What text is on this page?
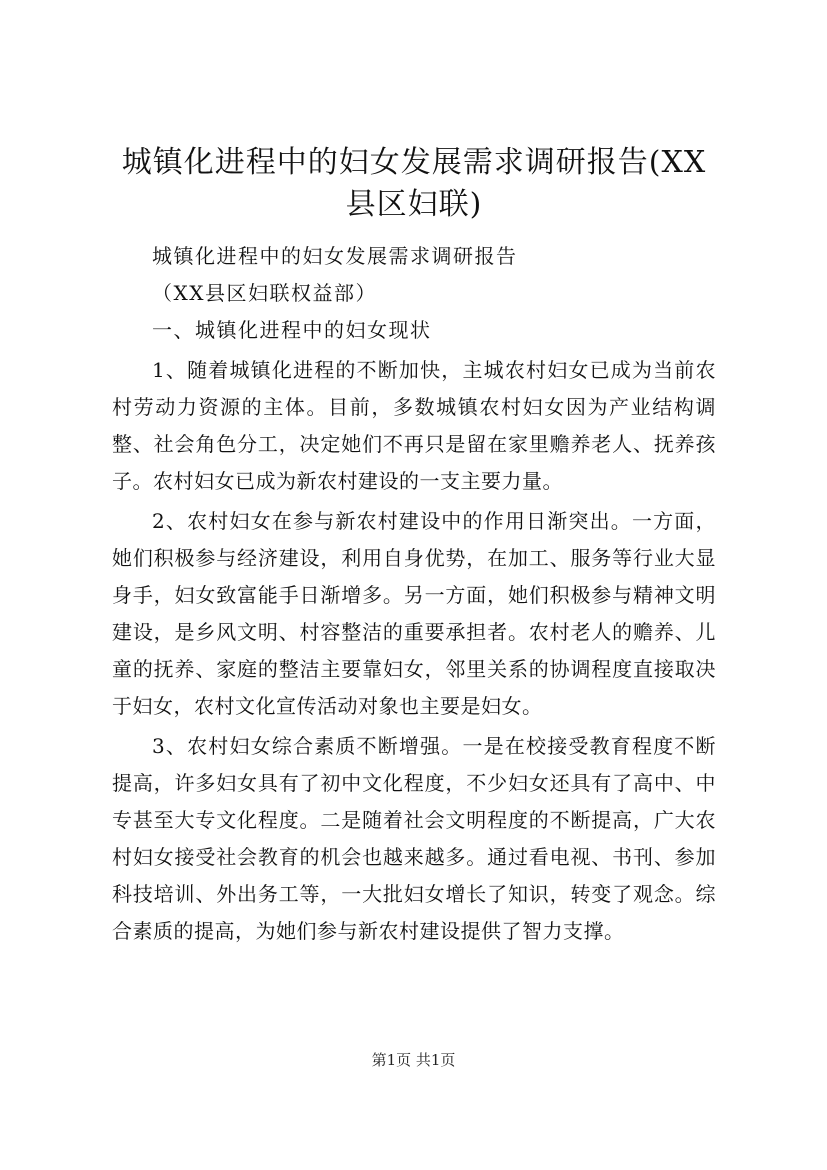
城镇化进程中的妇女发展需求调研报告(XX县区妇联)

城镇化进程中的妇女发展需求调研报告

（XX县区妇联权益部）

一、城镇化进程中的妇女现状

1、随着城镇化进程的不断加快，主城农村妇女已成为当前农村劳动力资源的主体。目前，多数城镇农村妇女因为产业结构调整、社会角色分工，决定她们不再只是留在家里赡养老人、抚养孩子。农村妇女已成为新农村建设的一支主要力量。

2、农村妇女在参与新农村建设中的作用日渐突出。一方面，她们积极参与经济建设，利用自身优势，在加工、服务等行业大显身手，妇女致富能手日渐增多。另一方面，她们积极参与精神文明建设，是乡风文明、村容整洁的重要承担者。农村老人的赡养、儿童的抚养、家庭的整洁主要靠妇女，邻里关系的协调程度直接取决于妇女，农村文化宣传活动对象也主要是妇女。

3、农村妇女综合素质不断增强。一是在校接受教育程度不断提高，许多妇女具有了初中文化程度，不少妇女还具有了高中、中专甚至大专文化程度。二是随着社会文明程度的不断提高，广大农村妇女接受社会教育的机会也越来越多。通过看电视、书刊、参加科技培训、外出务工等，一大批妇女增长了知识，转变了观念。综合素质的提高，为她们参与新农村建设提供了智力支撑。

第1页 共1页
